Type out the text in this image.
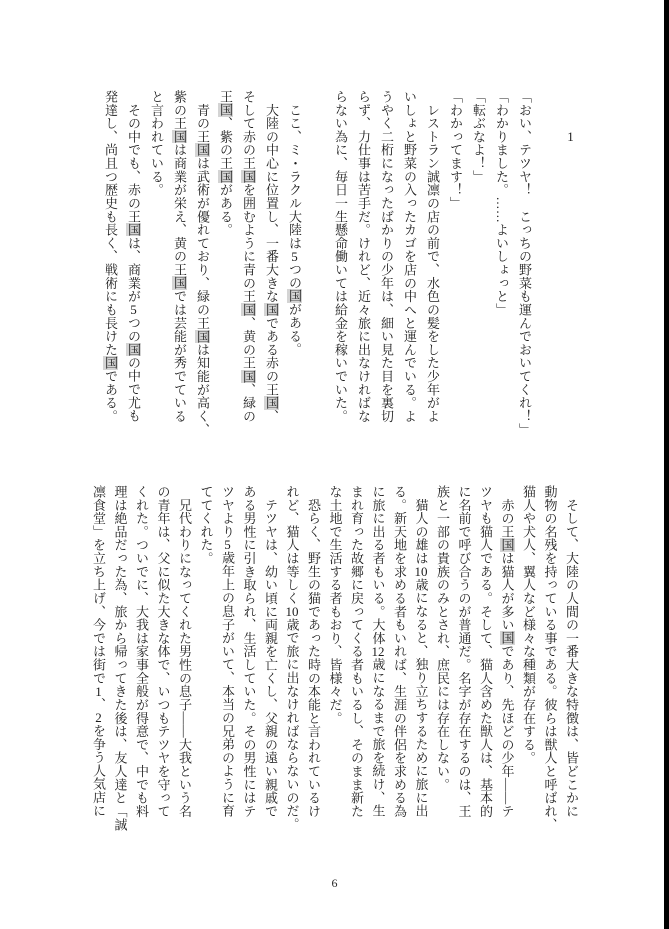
　　　1
「おい、テツヤ！　こっちの野菜も運んでおいてくれ！」
「わかりました。……よいしょっと」
「転ぶなよ！」
「わかってます！」
　レストラン誠凛の店の前で、水色の髪をした少年がよ
いしょと野菜の入ったカゴを店の中へと運んでいる。よ
うやく二桁になったばかりの少年は、細い見た目を裏切
らず、力仕事は苦手だ。けれど、近々旅に出なければな
らない為に、毎日一生懸命働いては給金を稼いでいた。
　ここ、ミ・ラクル大陸は5つの国がある。
　大陸の中心に位置し、一番大きな国である赤の王国、
そして赤の王国を囲むように青の王国、黄の王国、緑の
王国、紫の王国がある。
　青の王国は武術が優れており、緑の王国は知能が高く、
紫の王国は商業が栄え、黄の王国では芸能が秀でている
と言われている。
　その中でも、赤の王国は、商業が5つの国の中で尤も
発達し、尚且つ歴史も長く、戦術にも長けた国である。
　そして、大陸の人間の一番大きな特徴は、皆どこかに
動物の名残を持っている事である。彼らは獣人と呼ばれ、
猫人や犬人、翼人など様々な種類が存在する。
　赤の王国は猫人が多い国であり、先ほどの少年――テ
ツヤも猫人である。そして、猫人含めた獣人は、基本的
に名前で呼び合うのが普通だ。名字が存在するのは、王
族と一部の貴族のみとされ、庶民には存在しない。
　猫人の雄は10歳になると、独り立ちするために旅に出
る。新天地を求める者もいれば、生涯の伴侶を求める為
に旅に出る者もいる。大体12歳になるまで旅を続け、生
まれ育った故郷に戻ってくる者もいるし、そのまま新た
な土地で生活する者もおり、皆様々だ。
　恐らく、野生の猫であった時の本能と言われているけ
れど、猫人は等しく10歳で旅に出なければならないのだ。
　テツヤは、幼い頃に両親を亡くし、父親の遠い親戚で
ある男性に引き取られ、生活していた。その男性にはテ
ツヤより5歳年上の息子がいて、本当の兄弟のように育
ててくれた。
　兄代わりになってくれた男性の息子――大我という名
の青年は、父に似た大きな体で、いつもテツヤを守って
くれた。ついでに、大我は家事全般が得意で、中でも料
理は絶品だった為、旅から帰ってきた後は、友人達と「誠
凛食堂」を立ち上げ、今では街で1、2を争う人気店に
6
